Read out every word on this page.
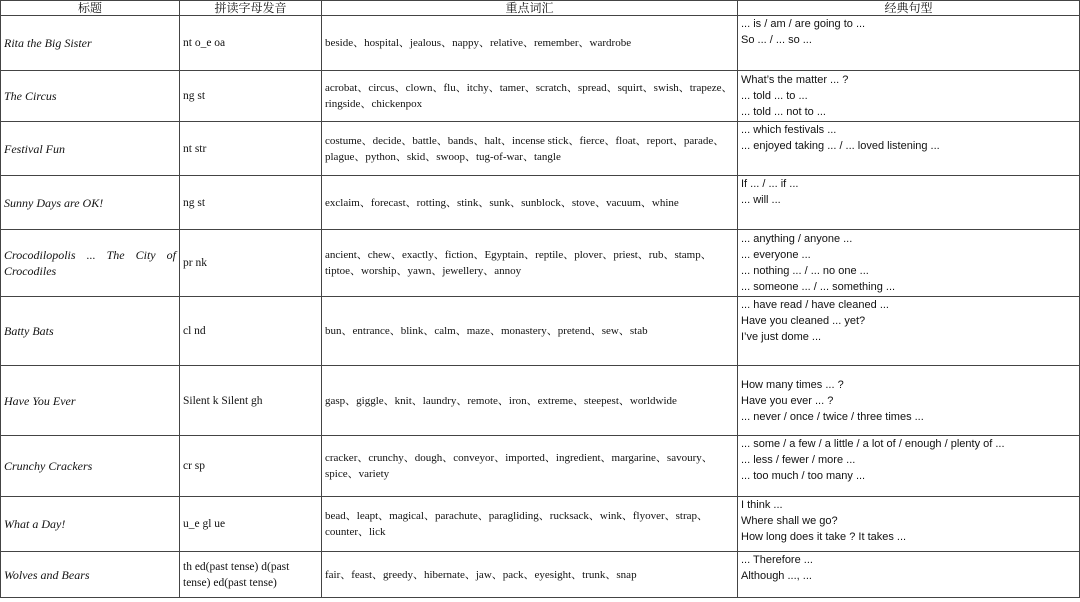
标题	拼读字母发音	重点词汇	经典句型
Rita the Big Sister	nt o_e oa	beside、hospital、jealous、nappy、relative、remember、wardrobe	... is / am / are going to ...
So ... / ... so ...

The Circus	ng st	acrobat、circus、clown、flu、itchy、tamer、scratch、spread、squirt、swish、trapeze、ringside、chickenpox	What’s the matter ... ?
... told ... to ...
... told ... not to ...

Festival Fun	nt str	costume、decide、battle、bands、halt、incense stick、fierce、float、report、parade、plague、python、skid、swoop、tug-of-war、tangle	... which festivals ...
... enjoyed taking ... / ... loved listening ...

Sunny Days are OK!	ng st	exclaim、forecast、rotting、stink、sunk、sunblock、stove、vacuum、whine	If ... / ... if ...
... will ...

Crocodilopolis ... The City of Crocodiles	pr nk	ancient、chew、exactly、fiction、Egyptain、reptile、plover、priest、rub、stamp、tiptoe、worship、yawn、jewellery、annoy	... anything / anyone ...
... everyone ...
... nothing ... / ... no one ...
... someone ... / ... something ...

Batty Bats	cl nd	bun、entrance、blink、calm、maze、monastery、pretend、sew、stab	... have read / have cleaned ...
Have you cleaned ... yet?
I’ve just dome ...

Have You Ever	Silent k Silent gh	gasp、giggle、knit、laundry、remote、iron、extreme、steepest、worldwide	How many times ... ?
Have you ever ... ?
... never / once / twice / three times ...

Crunchy Crackers	cr sp	cracker、crunchy、dough、conveyor、imported、ingredient、margarine、savoury、spice、variety	... some / a few / a little / a lot of / enough / plenty of ...
... less / fewer / more ...
... too much / too many ...

What a Day!	u_e gl ue	bead、leapt、magical、parachute、paragliding、rucksack、wink、flyover、strap、counter、lick	I think ...
Where shall we go?
How long does it take ? It takes ...

Wolves and Bears	th ed(past tense) d(past tense) ed(past tense)	fair、feast、greedy、hibernate、jaw、pack、eyesight、trunk、snap	... Therefore ...
Although ..., ...
